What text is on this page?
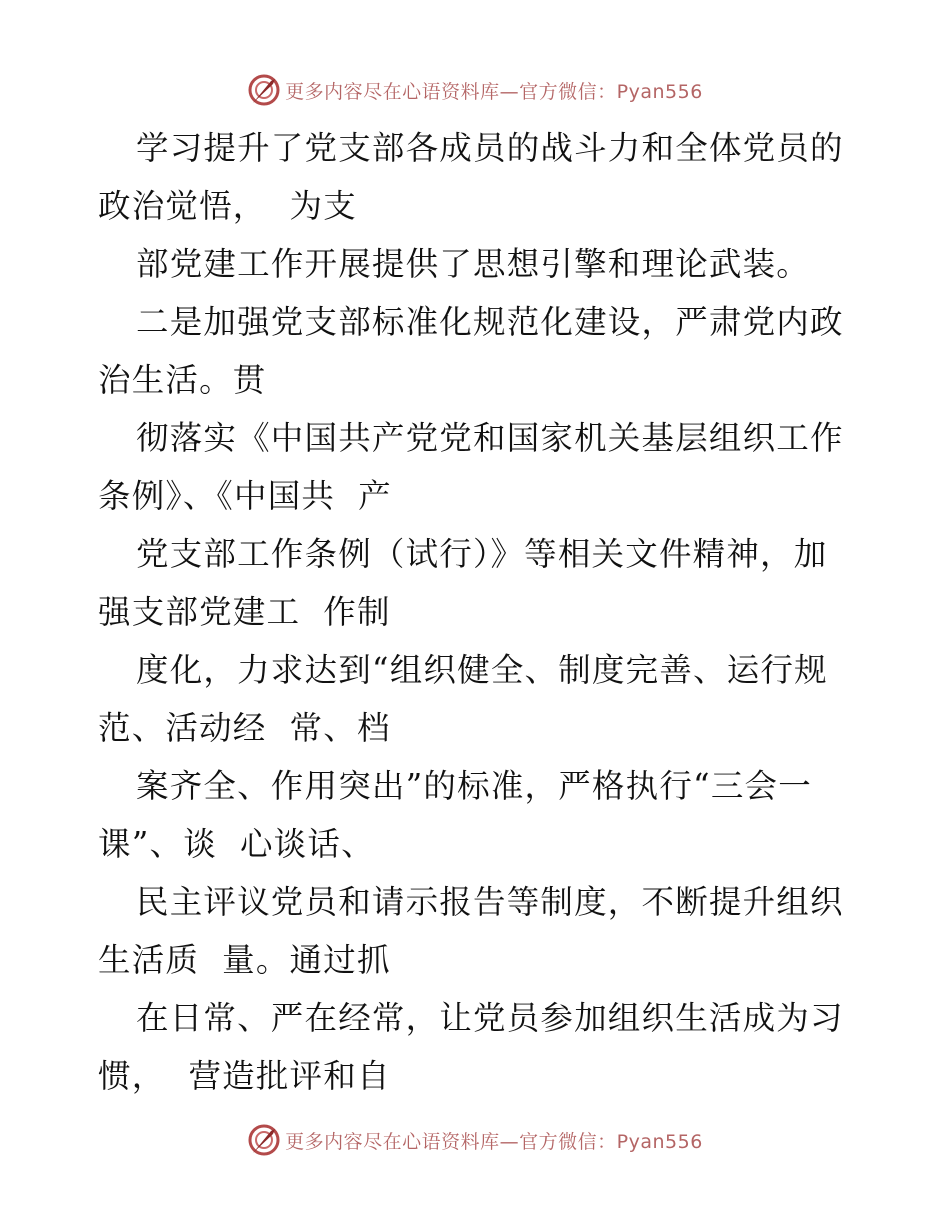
更多内容尽在心语资料库—官方微信：Pyan556
学习提升了党支部各成员的战斗力和全体党员的
政治觉悟，  为支
部党建工作开展提供了思想引擎和理论武装。
二是加强党支部标准化规范化建设，严肃党内政
治生活。贯
彻落实《中国共产党党和国家机关基层组织工作
条例》、《中国共  产
党支部工作条例（试行）》等相关文件精神，加
强支部党建工  作制
度化，力求达到“组织健全、制度完善、运行规
范、活动经  常、档
案齐全、作用突出”的标准，严格执行“三会一
课”、谈  心谈话、
民主评议党员和请示报告等制度，不断提升组织
生活质  量。通过抓
在日常、严在经常，让党员参加组织生活成为习
惯，  营造批评和自
更多内容尽在心语资料库—官方微信：Pyan556
